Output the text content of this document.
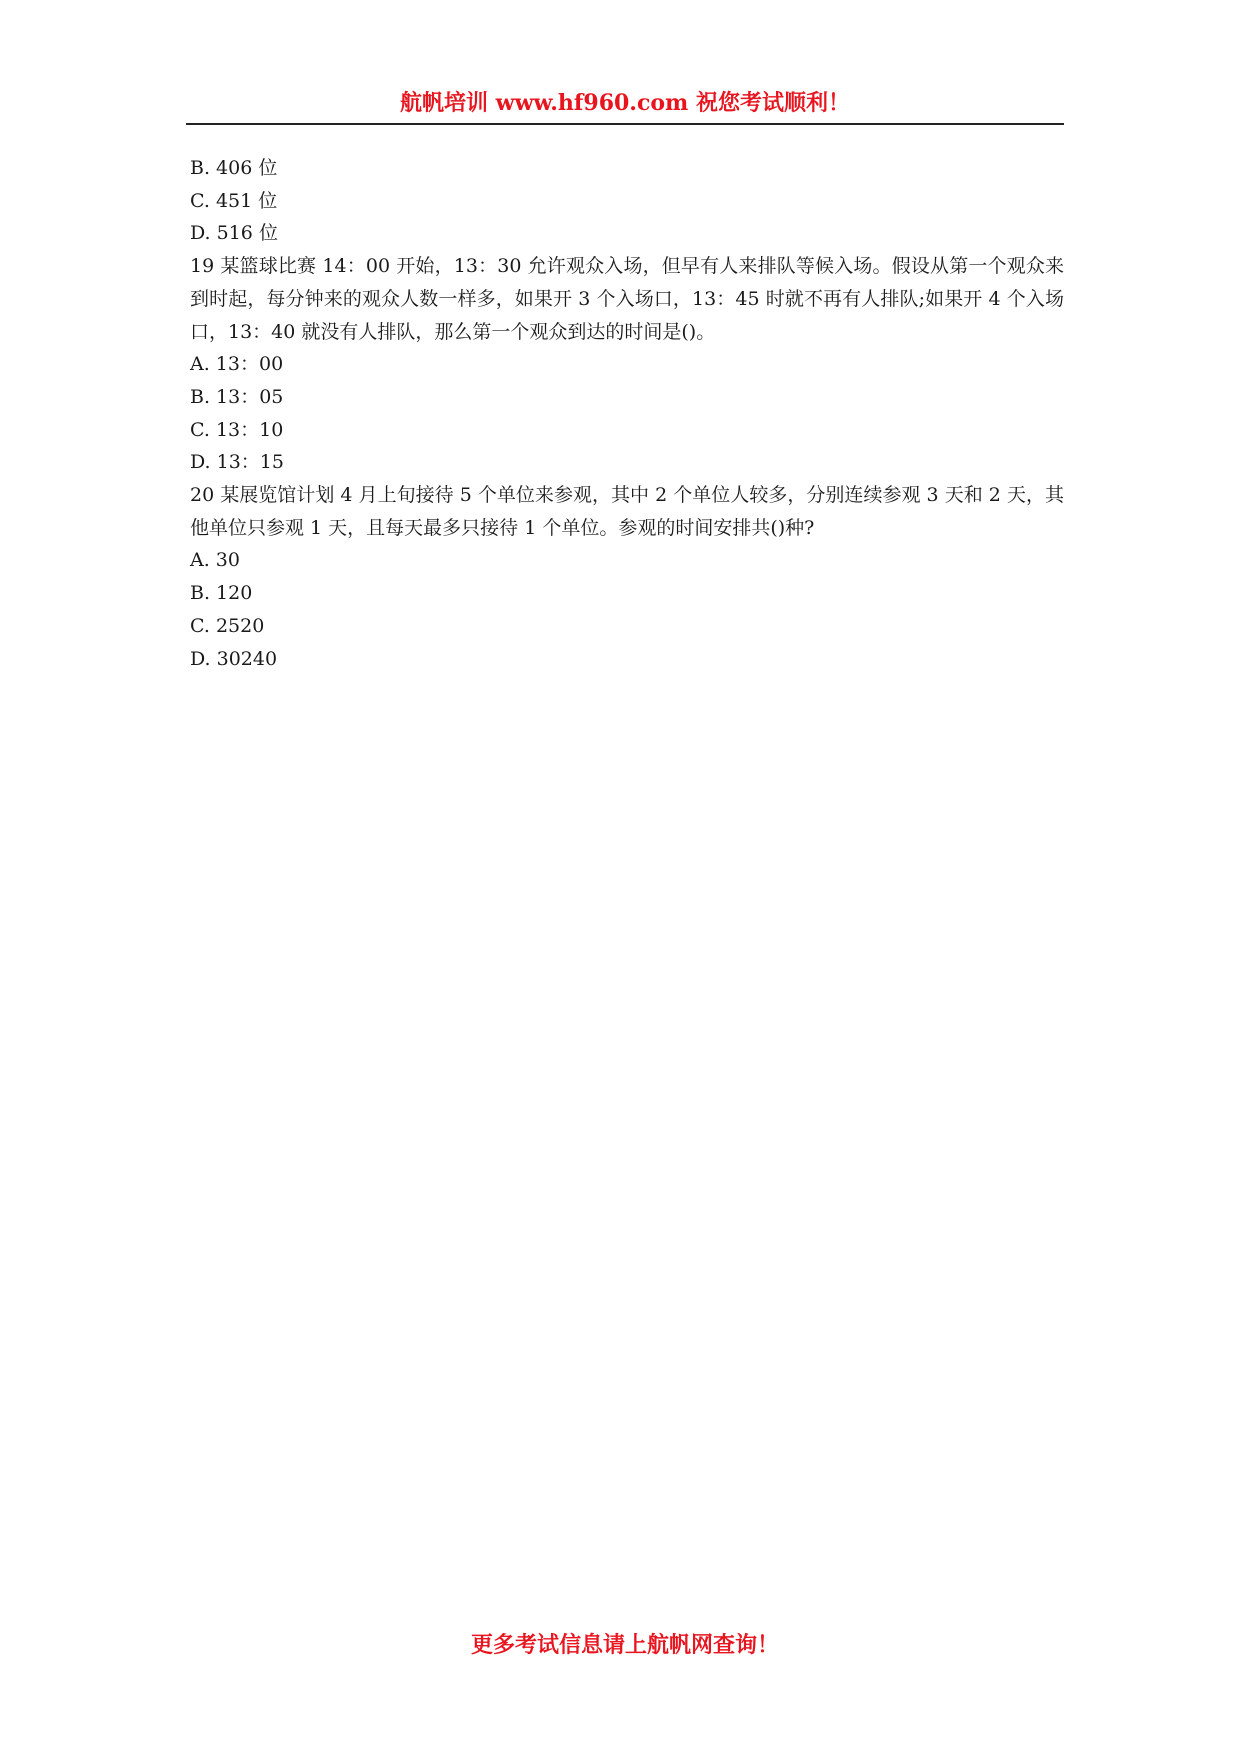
航帆培训 www.hf960.com 祝您考试顺利！
B. 406 位
C. 451 位
D. 516 位
19 某篮球比赛 14：00 开始，13：30 允许观众入场，但早有人来排队等候入场。假设从第一个观众来到时起，每分钟来的观众人数一样多，如果开 3 个入场口，13：45 时就不再有人排队;如果开 4 个入场口，13：40 就没有人排队，那么第一个观众到达的时间是()。
A. 13：00
B. 13：05
C. 13：10
D. 13：15
20 某展览馆计划 4 月上旬接待 5 个单位来参观，其中 2 个单位人较多，分别连续参观 3 天和 2 天，其他单位只参观 1 天，且每天最多只接待 1 个单位。参观的时间安排共()种?
A. 30
B. 120
C. 2520
D. 30240
更多考试信息请上航帆网查询！
